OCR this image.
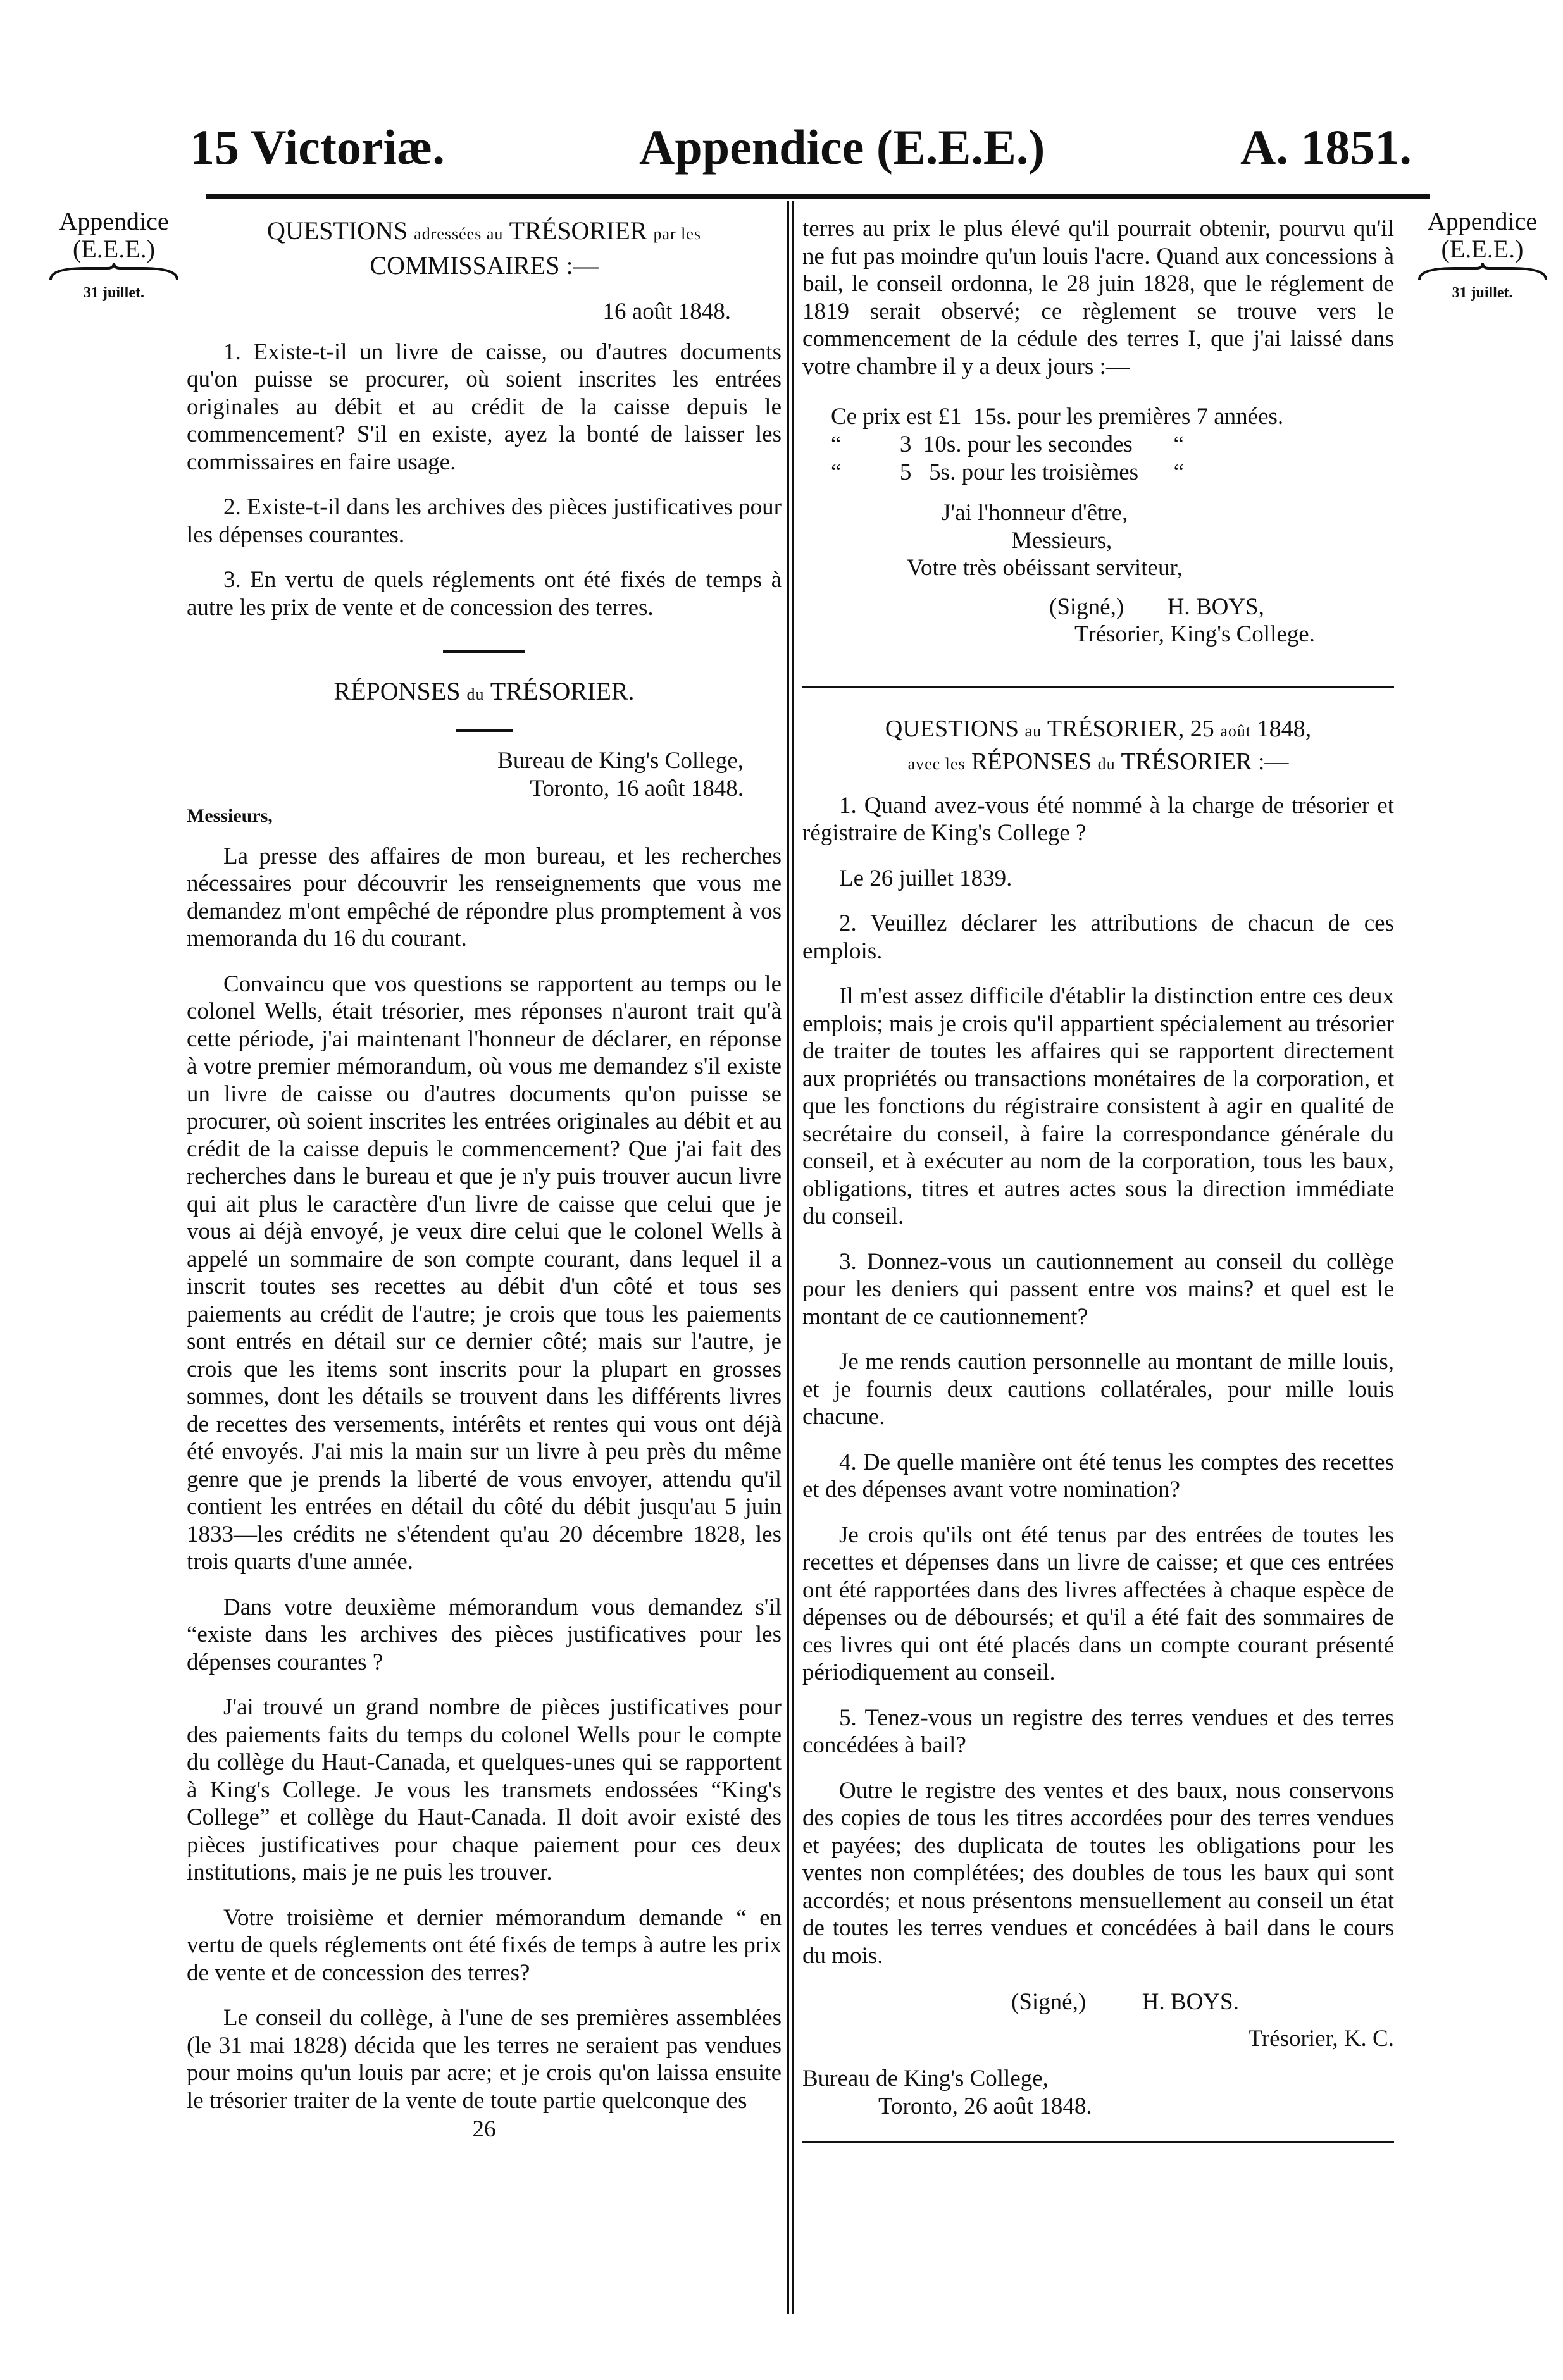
15 Victoriæ.	Appendice (E.E.E.)	A. 1851.
Appendice
(E.E.E.)
31 juillet.
Appendice
(E.E.E.)
31 juillet.
QUESTIONS adressées au TRÉSORIER par les
COMMISSAIRES :—
16 août 1848.

1. Existe-t-il un livre de caisse, ou d'autres documents qu'on puisse se procurer, où soient inscrites les entrées originales au débit et au crédit de la caisse depuis le commencement? S'il en existe, ayez la bonté de laisser les commissaires en faire usage.

2. Existe-t-il dans les archives des pièces justificatives pour les dépenses courantes.

3. En vertu de quels réglements ont été fixés de temps à autre les prix de vente et de concession des terres.

RÉPONSES du TRÉSORIER.
Bureau de King's College,
Toronto, 16 août 1848.
Messieurs,

La presse des affaires de mon bureau, et les recherches nécessaires pour découvrir les renseignements que vous me demandez m'ont empêché de répondre plus promptement à vos memoranda du 16 du courant.

Convaincu que vos questions se rapportent au temps ou le colonel Wells, était trésorier, mes réponses n'auront trait qu'à cette période, j'ai maintenant l'honneur de déclarer, en réponse à votre premier mémorandum, où vous me demandez s'il existe un livre de caisse ou d'autres documents qu'on puisse se procurer, où soient inscrites les entrées originales au débit et au crédit de la caisse depuis le commencement? Que j'ai fait des recherches dans le bureau et que je n'y puis trouver aucun livre qui ait plus le caractère d'un livre de caisse que celui que je vous ai déjà envoyé, je veux dire celui que le colonel Wells à appelé un sommaire de son compte courant, dans lequel il a inscrit toutes ses recettes au débit d'un côté et tous ses paiements au crédit de l'autre; je crois que tous les paiements sont entrés en détail sur ce dernier côté; mais sur l'autre, je crois que les items sont inscrits pour la plupart en grosses sommes, dont les détails se trouvent dans les différents livres de recettes des versements, intérêts et rentes qui vous ont déjà été envoyés. J'ai mis la main sur un livre à peu près du même genre que je prends la liberté de vous envoyer, attendu qu'il contient les entrées en détail du côté du débit jusqu'au 5 juin 1833—les crédits ne s'étendent qu'au 20 décembre 1828, les trois quarts d'une année.

Dans votre deuxième mémorandum vous demandez s'il “existe dans les archives des pièces justificatives pour les dépenses courantes ?

J'ai trouvé un grand nombre de pièces justificatives pour des paiements faits du temps du colonel Wells pour le compte du collège du Haut-Canada, et quelques-unes qui se rapportent à King's College. Je vous les transmets endossées “King's College” et collège du Haut-Canada. Il doit avoir existé des pièces justificatives pour chaque paiement pour ces deux institutions, mais je ne puis les trouver.

Votre troisième et dernier mémorandum demande “ en vertu de quels réglements ont été fixés de temps à autre les prix de vente et de concession des terres?

Le conseil du collège, à l'une de ses premières assemblées (le 31 mai 1828) décida que les terres ne seraient pas vendues pour moins qu'un louis par acre; et je crois qu'on laissa ensuite le trésorier traiter de la vente de toute partie quelconque des

26

terres au prix le plus élevé qu'il pourrait obtenir, pourvu qu'il ne fut pas moindre qu'un louis l'acre. Quand aux concessions à bail, le conseil ordonna, le 28 juin 1828, que le réglement de 1819 serait observé; ce règlement se trouve vers le commencement de la cédule des terres I, que j'ai laissé dans votre chambre il y a deux jours :—

Ce prix est £1  15s. pour les premières 7 années.
“          3  10s. pour les secondes       “
“          5   5s. pour les troisièmes      “
J'ai l'honneur d'être,
Messieurs,
Votre très obéissant serviteur,
(Signé,) H. BOYS,
Trésorier, King's College.
QUESTIONS au TRÉSORIER, 25 août 1848,
avec les RÉPONSES du TRÉSORIER :—

1. Quand avez-vous été nommé à la charge de trésorier et régistraire de King's College ?

Le 26 juillet 1839.

2. Veuillez déclarer les attributions de chacun de ces emplois.

Il m'est assez difficile d'établir la distinction entre ces deux emplois; mais je crois qu'il appartient spécialement au trésorier de traiter de toutes les affaires qui se rapportent directement aux propriétés ou transactions monétaires de la corporation, et que les fonctions du régistraire consistent à agir en qualité de secrétaire du conseil, à faire la correspondance générale du conseil, et à exécuter au nom de la corporation, tous les baux, obligations, titres et autres actes sous la direction immédiate du conseil.

3. Donnez-vous un cautionnement au conseil du collège pour les deniers qui passent entre vos mains? et quel est le montant de ce cautionnement?

Je me rends caution personnelle au montant de mille louis, et je fournis deux cautions collatérales, pour mille louis chacune.

4. De quelle manière ont été tenus les comptes des recettes et des dépenses avant votre nomination?

Je crois qu'ils ont été tenus par des entrées de toutes les recettes et dépenses dans un livre de caisse; et que ces entrées ont été rapportées dans des livres affectées à chaque espèce de dépenses ou de déboursés; et qu'il a été fait des sommaires de ces livres qui ont été placés dans un compte courant présenté périodiquement au conseil.

5. Tenez-vous un registre des terres vendues et des terres concédées à bail?

Outre le registre des ventes et des baux, nous conservons des copies de tous les titres accordées pour des terres vendues et payées; des duplicata de toutes les obligations pour les ventes non complétées; des doubles de tous les baux qui sont accordés; et nous présentons mensuellement au conseil un état de toutes les terres vendues et concédées à bail dans le cours du mois.

(Signé,) H. BOYS.
Trésorier, K. C.
Bureau de King's College,
Toronto, 26 août 1848.
